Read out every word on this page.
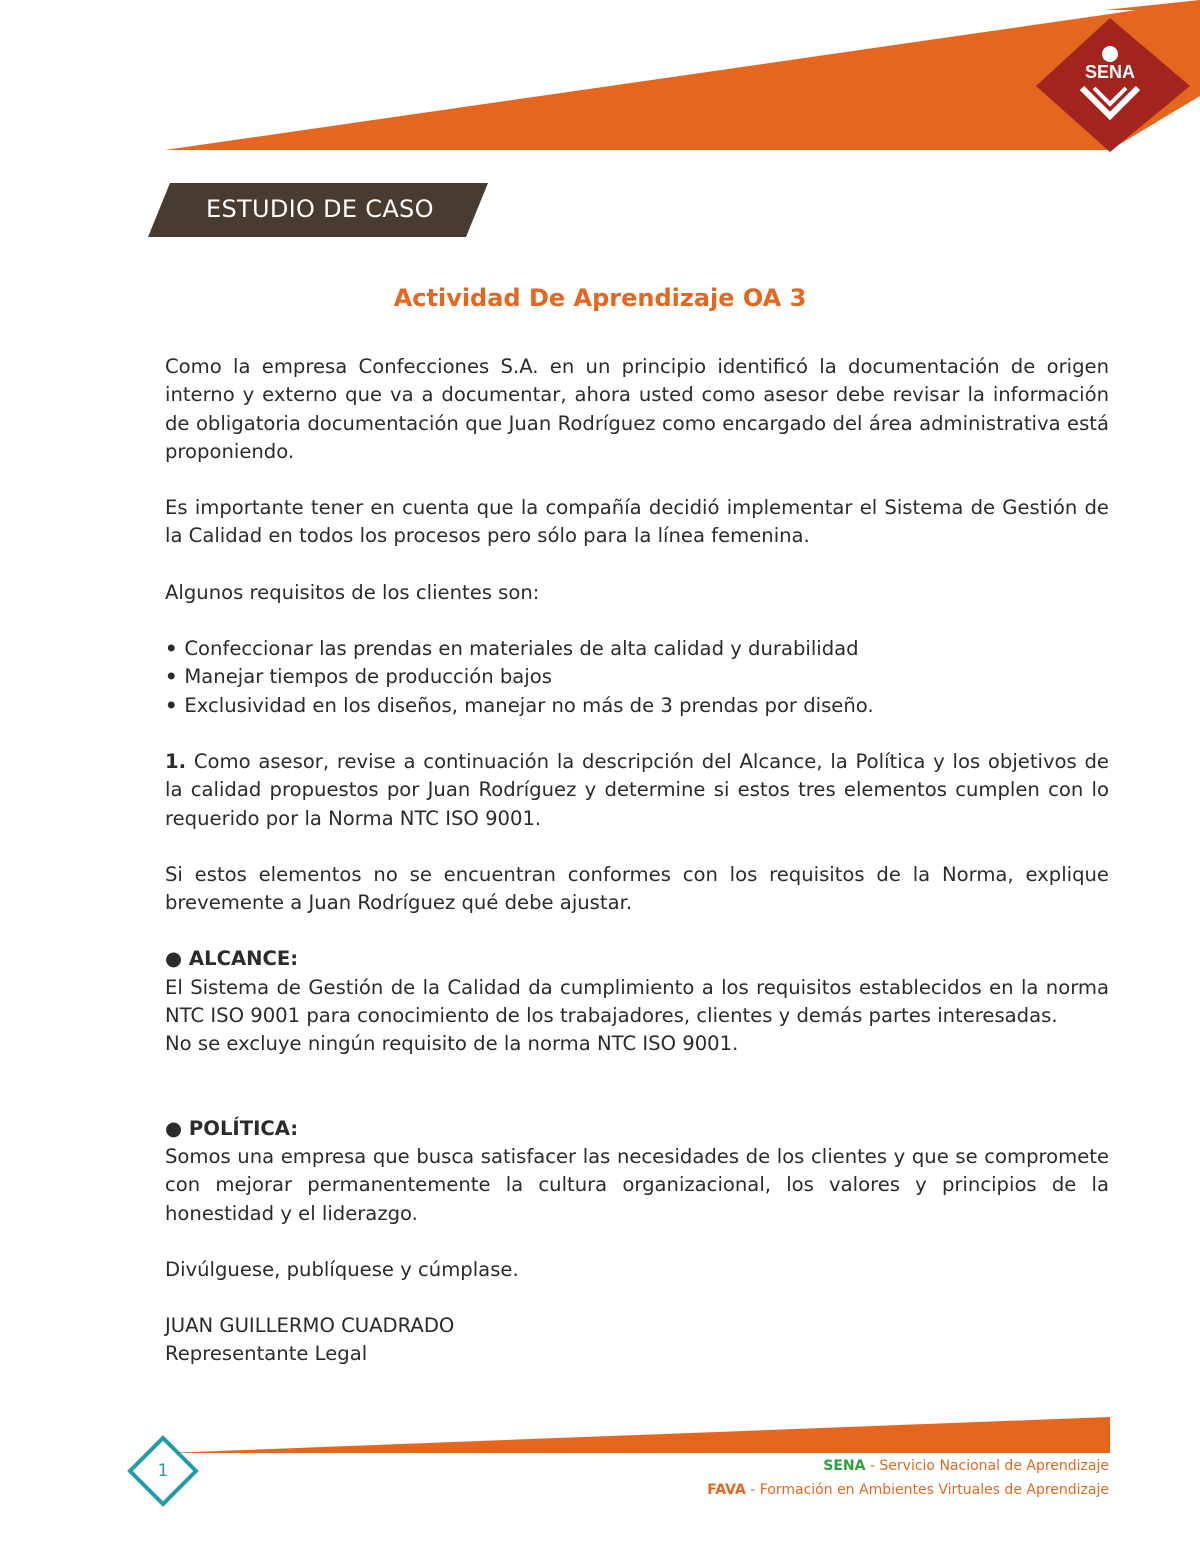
SENA
ESTUDIO DE CASO
Actividad De Aprendizaje OA 3

Como la empresa Confecciones S.A. en un principio identificó la documentación de origen interno y externo que va a documentar, ahora usted como asesor debe revisar la información de obligatoria documentación que Juan Rodríguez como encargado del área administrativa está proponiendo.

Es importante tener en cuenta que la compañía decidió implementar el Sistema de Gestión de la Calidad en todos los procesos pero sólo para la línea femenina.

Algunos requisitos de los clientes son:

• Confeccionar las prendas en materiales de alta calidad y durabilidad
• Manejar tiempos de producción bajos
• Exclusividad en los diseños, manejar no más de 3 prendas por diseño.

1. Como asesor, revise a continuación la descripción del Alcance, la Política y los objetivos de la calidad propuestos por Juan Rodríguez y determine si estos tres elementos cumplen con lo requerido por la Norma NTC ISO 9001.

Si estos elementos no se encuentran conformes con los requisitos de la Norma, explique brevemente a Juan Rodríguez qué debe ajustar.

● ALCANCE:

El Sistema de Gestión de la Calidad da cumplimiento a los requisitos establecidos en la norma NTC ISO 9001 para conocimiento de los trabajadores, clientes y demás partes interesadas.

No se excluye ningún requisito de la norma NTC ISO 9001.

● POLÍTICA:

Somos una empresa que busca satisfacer las necesidades de los clientes y que se compromete con mejorar permanentemente la cultura organizacional, los valores y principios de la honestidad y el liderazgo.

Divúlguese, publíquese y cúmplase.

JUAN GUILLERMO CUADRADO

Representante Legal

1	SENA - Servicio Nacional de Aprendizaje
FAVA - Formación en Ambientes Virtuales de Aprendizaje
